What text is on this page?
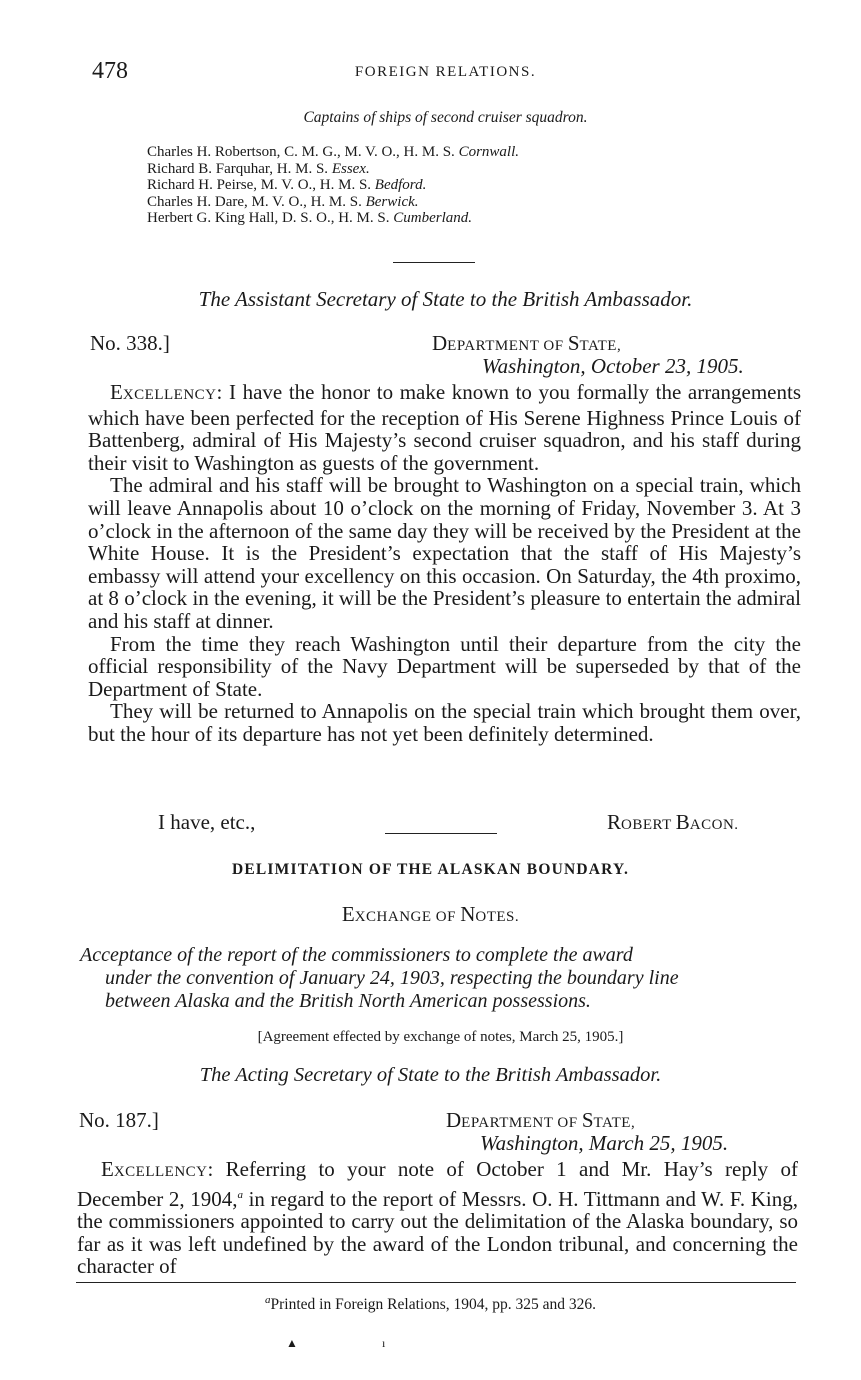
478	FOREIGN RELATIONS.
Captains of ships of second cruiser squadron.
Charles H. Robertson, C. M. G., M. V. O., H. M. S. Cornwall.
Richard B. Farquhar, H. M. S. Essex.
Richard H. Peirse, M. V. O., H. M. S. Bedford.
Charles H. Dare, M. V. O., H. M. S. Berwick.
Herbert G. King Hall, D. S. O., H. M. S. Cumberland.
The Assistant Secretary of State to the British Ambassador.
No. 338.]	DEPARTMENT OF STATE,
Washington, October 23, 1905.

EXCELLENCY: I have the honor to make known to you formally the arrangements which have been perfected for the reception of His Serene Highness Prince Louis of Battenberg, admiral of His Majesty’s second cruiser squadron, and his staff during their visit to Washington as guests of the government.

The admiral and his staff will be brought to Washington on a special train, which will leave Annapolis about 10 o’clock on the morning of Friday, November 3. At 3 o’clock in the afternoon of the same day they will be received by the President at the White House. It is the President’s expectation that the staff of His Majesty’s embassy will attend your excellency on this occasion. On Saturday, the 4th proximo, at 8 o’clock in the evening, it will be the President’s pleasure to entertain the admiral and his staff at dinner.

From the time they reach Washington until their departure from the city the official responsibility of the Navy Department will be superseded by that of the Department of State.

They will be returned to Annapolis on the special train which brought them over, but the hour of its departure has not yet been definitely determined.

I have, etc.,	ROBERT BACON.
DELIMITATION OF THE ALASKAN BOUNDARY.
EXCHANGE OF NOTES.
Acceptance of the report of the commissioners to complete the award
under the convention of January 24, 1903, respecting the boundary line
between Alaska and the British North American possessions.
[Agreement effected by exchange of notes, March 25, 1905.]
The Acting Secretary of State to the British Ambassador.
No. 187.]	DEPARTMENT OF STATE,
Washington, March 25, 1905.

EXCELLENCY: Referring to your note of October 1 and Mr. Hay’s reply of December 2, 1904,$^a$ in regard to the report of Messrs. O. H. Tittmann and W. F. King, the commissioners appointed to carry out the delimitation of the Alaska boundary, so far as it was left undefined by the award of the London tribunal, and concerning the character of

$^a$Printed in Foreign Relations, 1904, pp. 325 and 326.
▲	ı
